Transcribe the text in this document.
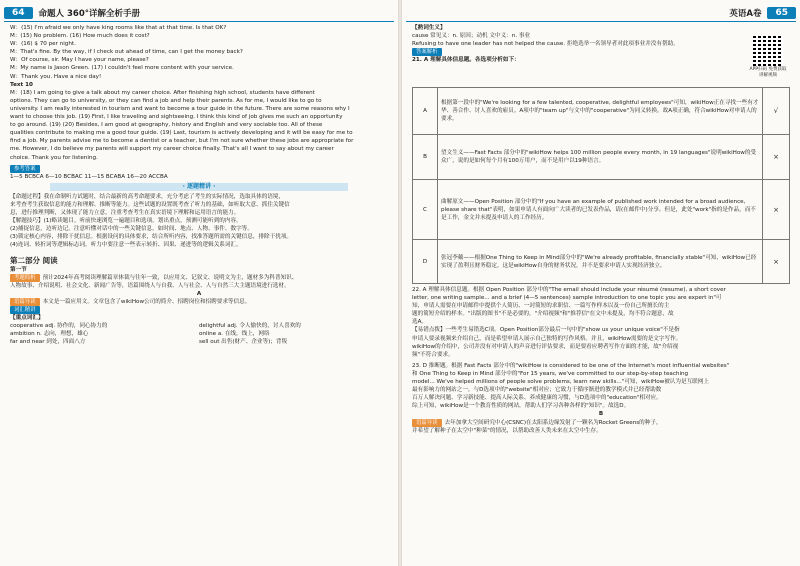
64	命题人 360°详解全析手册
W：(15) I'm afraid we only have king rooms like that at that time. Is that OK?
M：(15) No problem. (16) How much does it cost?
W：(16) $ 70 per night.
M：That's fine. By the way, if I check out ahead of time, can I get the money back?
W：Of course, sir. May I have your name, please?
M：My name is Jason Green. (17) I couldn't feel more content with your service.
W：Thank you. Have a nice day!
Text 10
M：(18) I am going to give a talk about my career choice. After finishing high school, students have different
options. They can go to university, or they can find a job and help their parents. As for me, I would like to go to
university. I am really interested in tourism and want to become a tour guide in the future. There are some reasons why I
want to choose this job. (19) First, I like traveling and sightseeing. I think this kind of job gives me such an opportunity
to go around. (19) (20) Besides, I am good at geography, history and English and very sociable too. All of these
qualities contribute to making me a good tour guide. (19) Last, tourism is actively developing and it will be easy for me to
find a job. My parents advise me to become a dentist or a teacher, but I'm not sure whether these jobs are appropriate for
me. However, I do believe my parents will support my career choice finally. That's all I want to say about my career
choice. Thank you for listening.
参考答案
1—5 BCBCA 6—10 BCBAC 11—15 BCABA 16—20 ACCBA
· 逐题精讲 ·
【命题过程】我在命制听力试题时，结合最新的高考命题要求，充分考虑了考生的实际情况，选取具体的语境，
来考查考生获取信息的能力和理解、推断等能力。这些试题的设置既考查了听力的基础，如听取大意、抓住关键信
息，进行推理判断，又体现了能力立意，注重考查考生在真实语境下理解和运用语言的能力。
【解题技巧】(1)略读题目。听前快速浏览一遍题目和选项，划出重点，预测可能听到的内容。
(2)捕捉信息，边听边记。注意听懂对话中的一些关键信息，如时间、地点、人物、事件、数字等。
(3)锁定核心内容，排除干扰信息。根据设问的具体要求，结合所听内容，找准答题所需的关键信息，排除干扰项。
(4)连词、转折词等逻辑标志词。听力中要注意一些表示转折、因果、递进等的逻辑关系词汇。
第二部分 阅读
第一节
考题简析 预计2024年高考阅读理解篇章体裁与往年一致，以应用文、记叙文、说明文为主，题材多为科普知识、
人物故事、介绍说明、社会文化、新闻广告等，语篇围绕人与自我、人与社会、人与自然三大主题语境进行选材。
A
语篇导读 本文是一篇应用文。文章包含了wikiHow公司的简介、招聘岗位和招聘要求等信息。
词汇精讲
【重点词汇】
cooperative adj. 协作的，同心协力的	delightful adj. 令人愉快的，讨人喜欢的
ambition n. 志向，理想，雄心	online a. 在线，线上，网络
far and near 到处，四面八方	sell out 出售(财产、企业等)；背叛
英语A卷	65
APP扫码 免费获取讲解视频
【熟词生义】
cause 常见义：n. 原因；动机 文中义：n. 事业
Refusing to have one leader has not helped the cause. 拒绝选举一名领导者对此项事业并没有帮助。
答案解析
21. A 理解具体信息题。各选项分析如下：
A	根据第一段中的"We're looking for a few talented, cooperative, delightful employees"可知，wikiHow正在寻找一些有才华、善合作、讨人喜欢的雇员。A项中的"team up"与文中的"cooperative"为同义转换。故A项正确，符合wikiHow对申请人的要求。	√
B	望文生义——Fast Facts 部分中的"wikiHow helps 100 million people every month, in 19 languages"说明wikiHow的受众广，说的是如何每个月有100万用户，而不是用户以19种语言。	×
C	曲解原文——Open Position 部分中的"If you have an example of published work intended for a broad audience, please share that"表明，如果申请人有面向广大读者的已发表作品，请(在邮件中)分享。但是，此处"work"指的是作品，而不是工作，金文并未提及申请人的工作经历。	×
D	张冠李戴——根据One Thing to Keep in Mind部分中的"We're already profitable, financially stable"可知，wikiHow已经实现了盈利且财务稳定，这是wikiHow自身的财务状况，并不是要求申请人实现经济独立。	×
22. A 理解具体信息题。根据 Open Position 部分中的"The email should include your résumé (resume), a short cover
letter, one writing sample... and a brief (4—5 sentences) sample introduction to one topic you are expert in"可
知，申请人需要在申请邮件中提供个人简历、一封简短的求职信、一篇写作样本以及一份自己所擅长的主
题的简短介绍的样本。"出版的图书"不是必要的，"介绍视频"和"推荐信"在文中未提及，均不符合题意，故
选A。
【易错点拨】一些考生易错选C项。Open Position部分最后一句中的"show us your unique voice"不是指
申请人要录视频来介绍自己，而是希望申请人展示自己独特的写作风格。并且，wikiHow需要的是文字写作。
wikiHow的介绍中，公司并没有对申请人的声音进行评估要求，而是要看应聘者写作方面的才能，故"介绍视
频"不符合要求。
23. D 推断题。根据 Fast Facts 部分中的"wikiHow is considered to be one of the Internet's most influential websites"
和 One Thing to Keep in Mind 部分中的"For 15 years, we've committed to our step-by-step teaching
model... We've helped millions of people solve problems, learn new skills..."可知，wikiHow被认为是互联网上
最有影响力的网站之一，与D选项中的"website"相对应；它致力于循序渐进的教学模式并已经帮助数
百万人解决问题、学习新技能、提高人际关系、养成健康的习惯，与D选项中的"education"相对应。
综上可知，wikiHow是一个教育性质的网站，帮助人们学习各种各样的"知识"。故选D。
B
语篇导读 去年加拿大空间研究中心(CSNC)在太阳系边缘发射了一颗名为Rocket Greens的种子，
并希望了解种子在太空中"种菜"的情况，以帮助改善人类未来在太空中生存。
